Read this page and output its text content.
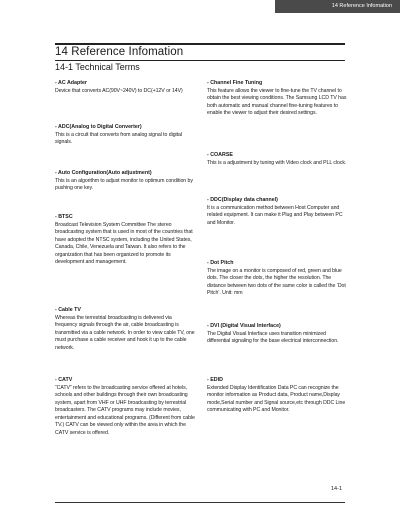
14 Reference Infomation
14 Reference Infomation
14-1 Technical Terms

- AC Adapter

Device that converts AC(90V~240V) to DC(+12V or 14V)

- ADC(Analog to Digital Converter)

This is a circuit that converts from analog signal to digital signals.

- Auto Configuration(Auto adjustment)

This is an algorithm to adjust monitor to optimum condition by pushing one key.

- BTSC

Broadcast Television System Committee The stereo broadcasting system that is used in most of the countries that have adopted the NTSC system, including the United States, Canada, Chile, Venezuela and Taiwan. It also refers to the organization that has been organized to promote its development and management.

- Cable TV

Whereas the terrestrial broadcasting is delivered via frequency signals through the air, cable broadcasting is transmitted via a cable network. In order to view cable TV, one must purchase a cable receiver and hook it up to the cable network.

- CATV

“CATV” refers to the broadcasting service offered at hotels, schools and other buildings through their own broadcasting system, apart from VHF or UHF broadcasting by terrestrial broadcasters. The CATV programs may include movies, entertainment and educational programs. (Different from cable TV.) CATV can be viewed only within the area in which the CATV service is offered.

- Channel Fine Tuning

This feature allows the viewer to fine-tune the TV channel to obtain the best viewing conditions. The Samsung LCD TV has both automatic and manual channel fine-tuning features to enable the viewer to adjust their desired settings.

- COARSE

This is a adjustment by tuning with Video clock and PLL clock.

- DDC(Display data channel)

It is a communication method between Host Computer and related equipment. It can make it Plug and Play between PC and Monitor.

- Dot Pitch

The image on a monitor is composed of red, green and blue dots. The closer the dots, the higher the resolution. The distance between two dots of the same color is called the ‘Dot Pitch’. Unit: mm

- DVI (Digital Visual Interface)

The Digital Visual Interface uses transition minimized differential signaling for the base electrical interconnection.

- EDID

Extended Display Identification Data PC can recognize the monitor information as Product data, Product name,Display mode,Serial number and Signal source,etc through DDC Line communicating with PC and Monitor.

14-1
